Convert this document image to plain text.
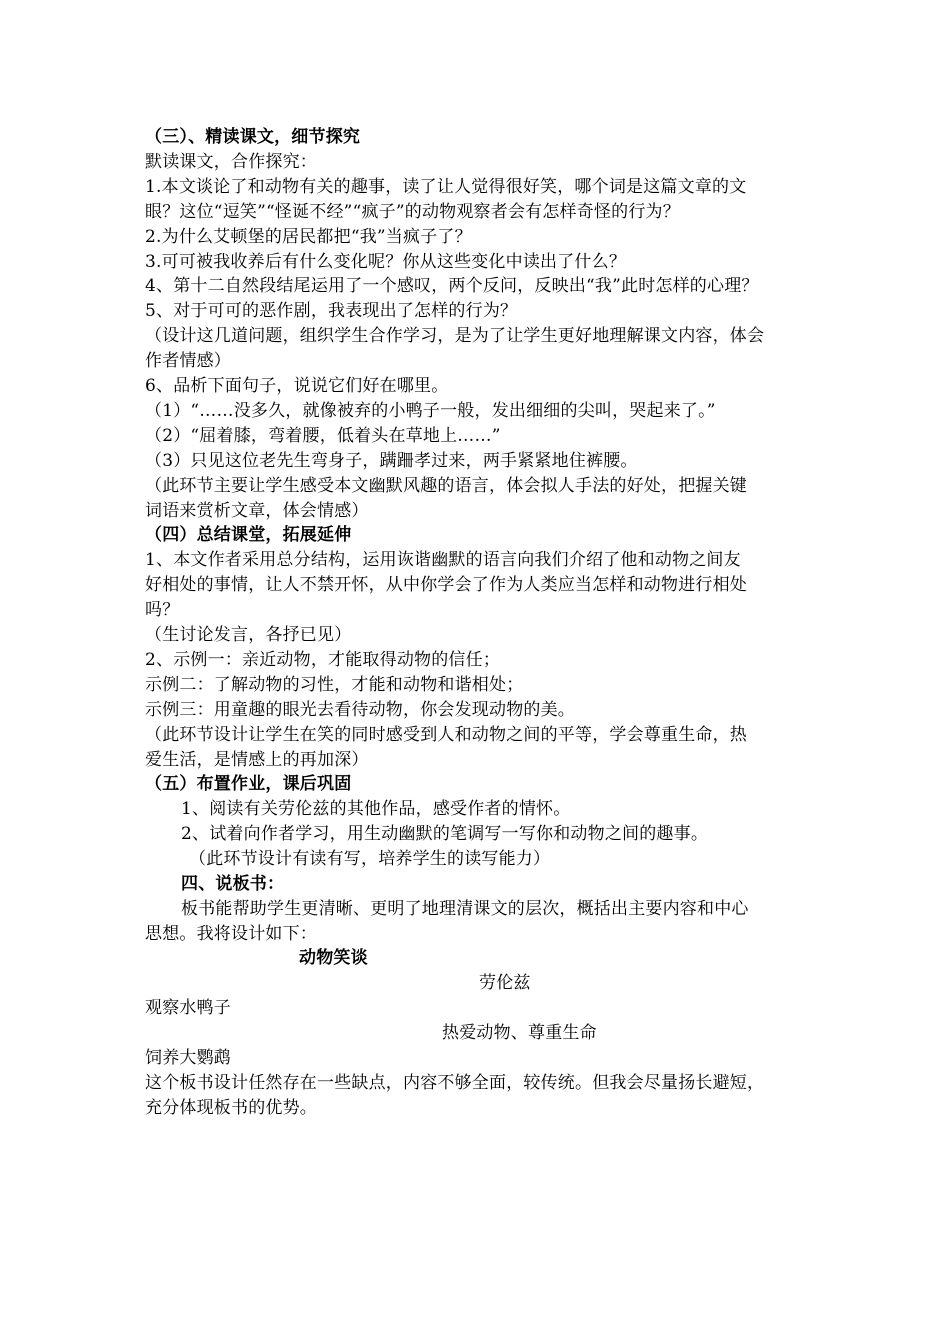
（三）、精读课文，细节探究
默读课文，合作探究：
1.本文谈论了和动物有关的趣事，读了让人觉得很好笑，哪个词是这篇文章的文
眼？这位“逗笑”“怪诞不经”“疯子”的动物观察者会有怎样奇怪的行为？
2.为什么艾顿堡的居民都把“我”当疯子了？
3.可可被我收养后有什么变化呢？你从这些变化中读出了什么？
4、第十二自然段结尾运用了一个感叹，两个反问，反映出“我”此时怎样的心理？
5、对于可可的恶作剧，我表现出了怎样的行为？
（设计这几道问题，组织学生合作学习，是为了让学生更好地理解课文内容，体会
作者情感）
6、品析下面句子，说说它们好在哪里。
（1）“……没多久，就像被弃的小鸭子一般，发出细细的尖叫，哭起来了。”
（2）“屈着膝，弯着腰，低着头在草地上……”
（3）只见这位老先生弯身子，蹒跚孝过来，两手紧紧地住裤腰。
（此环节主要让学生感受本文幽默风趣的语言，体会拟人手法的好处，把握关键
词语来赏析文章，体会情感）
（四）总结课堂，拓展延伸
1、本文作者采用总分结构，运用诙谐幽默的语言向我们介绍了他和动物之间友
好相处的事情，让人不禁开怀，从中你学会了作为人类应当怎样和动物进行相处
吗？
（生讨论发言，各抒已见）
2、示例一：亲近动物，才能取得动物的信任；
示例二：了解动物的习性，才能和动物和谐相处；
示例三：用童趣的眼光去看待动物，你会发现动物的美。
（此环节设计让学生在笑的同时感受到人和动物之间的平等，学会尊重生命，热
爱生活，是情感上的再加深）
（五）布置作业，课后巩固
1、阅读有关劳伦兹的其他作品，感受作者的情怀。
2、试着向作者学习，用生动幽默的笔调写一写你和动物之间的趣事。
（此环节设计有读有写，培养学生的读写能力）
四、说板书：
板书能帮助学生更清晰、更明了地理清课文的层次，概括出主要内容和中心
思想。我将设计如下：
动物笑谈
劳伦兹
观察水鸭子
热爱动物、尊重生命
饲养大鹦鹉
这个板书设计任然存在一些缺点，内容不够全面，较传统。但我会尽量扬长避短，
充分体现板书的优势。
